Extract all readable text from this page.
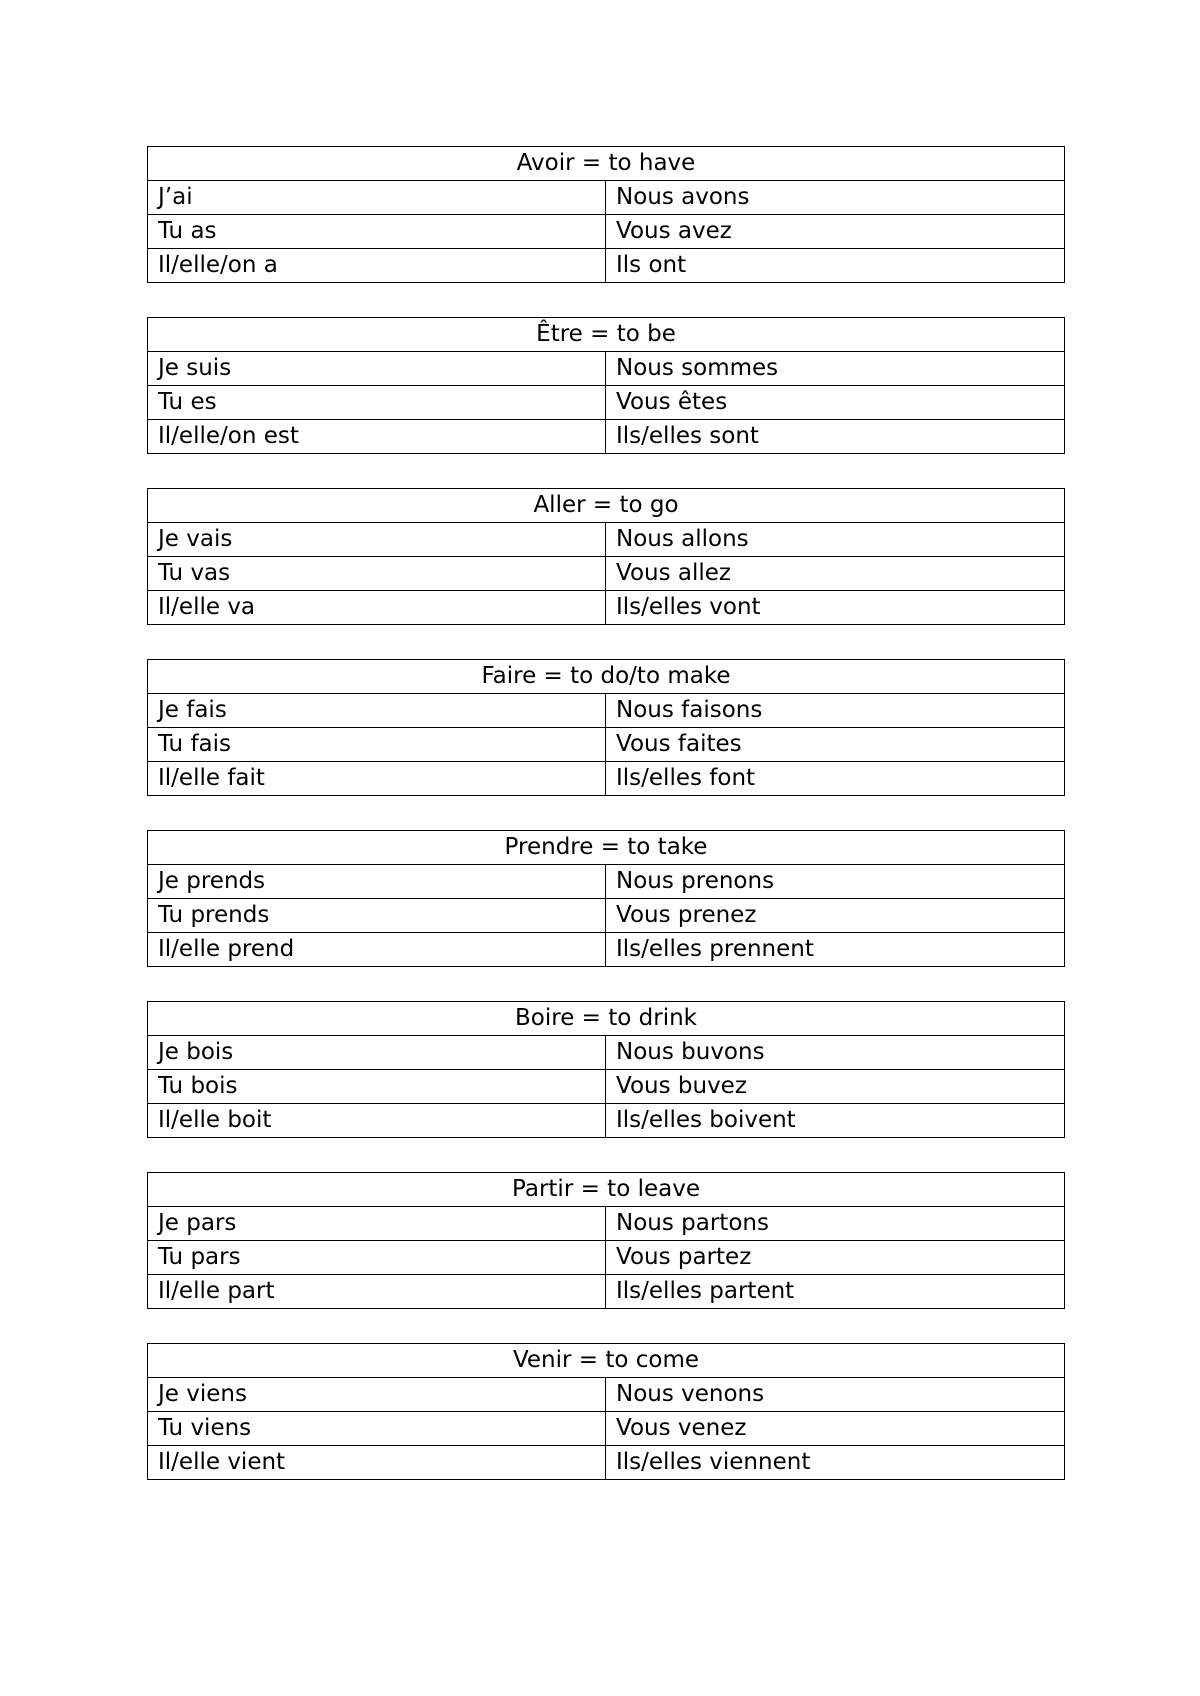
Avoir = to have	
J’ai	Nous avons
Tu as	Vous avez
Il/elle/on a	Ils ont
Être = to be	
Je suis	Nous sommes
Tu es	Vous êtes
Il/elle/on est	Ils/elles sont
Aller = to go	
Je vais	Nous allons
Tu vas	Vous allez
Il/elle va	Ils/elles vont
Faire = to do/to make	
Je fais	Nous faisons
Tu fais	Vous faites
Il/elle fait	Ils/elles font
Prendre = to take	
Je prends	Nous prenons
Tu prends	Vous prenez
Il/elle prend	Ils/elles prennent
Boire = to drink	
Je bois	Nous buvons
Tu bois	Vous buvez
Il/elle boit	Ils/elles boivent
Partir = to leave	
Je pars	Nous partons
Tu pars	Vous partez
Il/elle part	Ils/elles partent
Venir = to come	
Je viens	Nous venons
Tu viens	Vous venez
Il/elle vient	Ils/elles viennent
